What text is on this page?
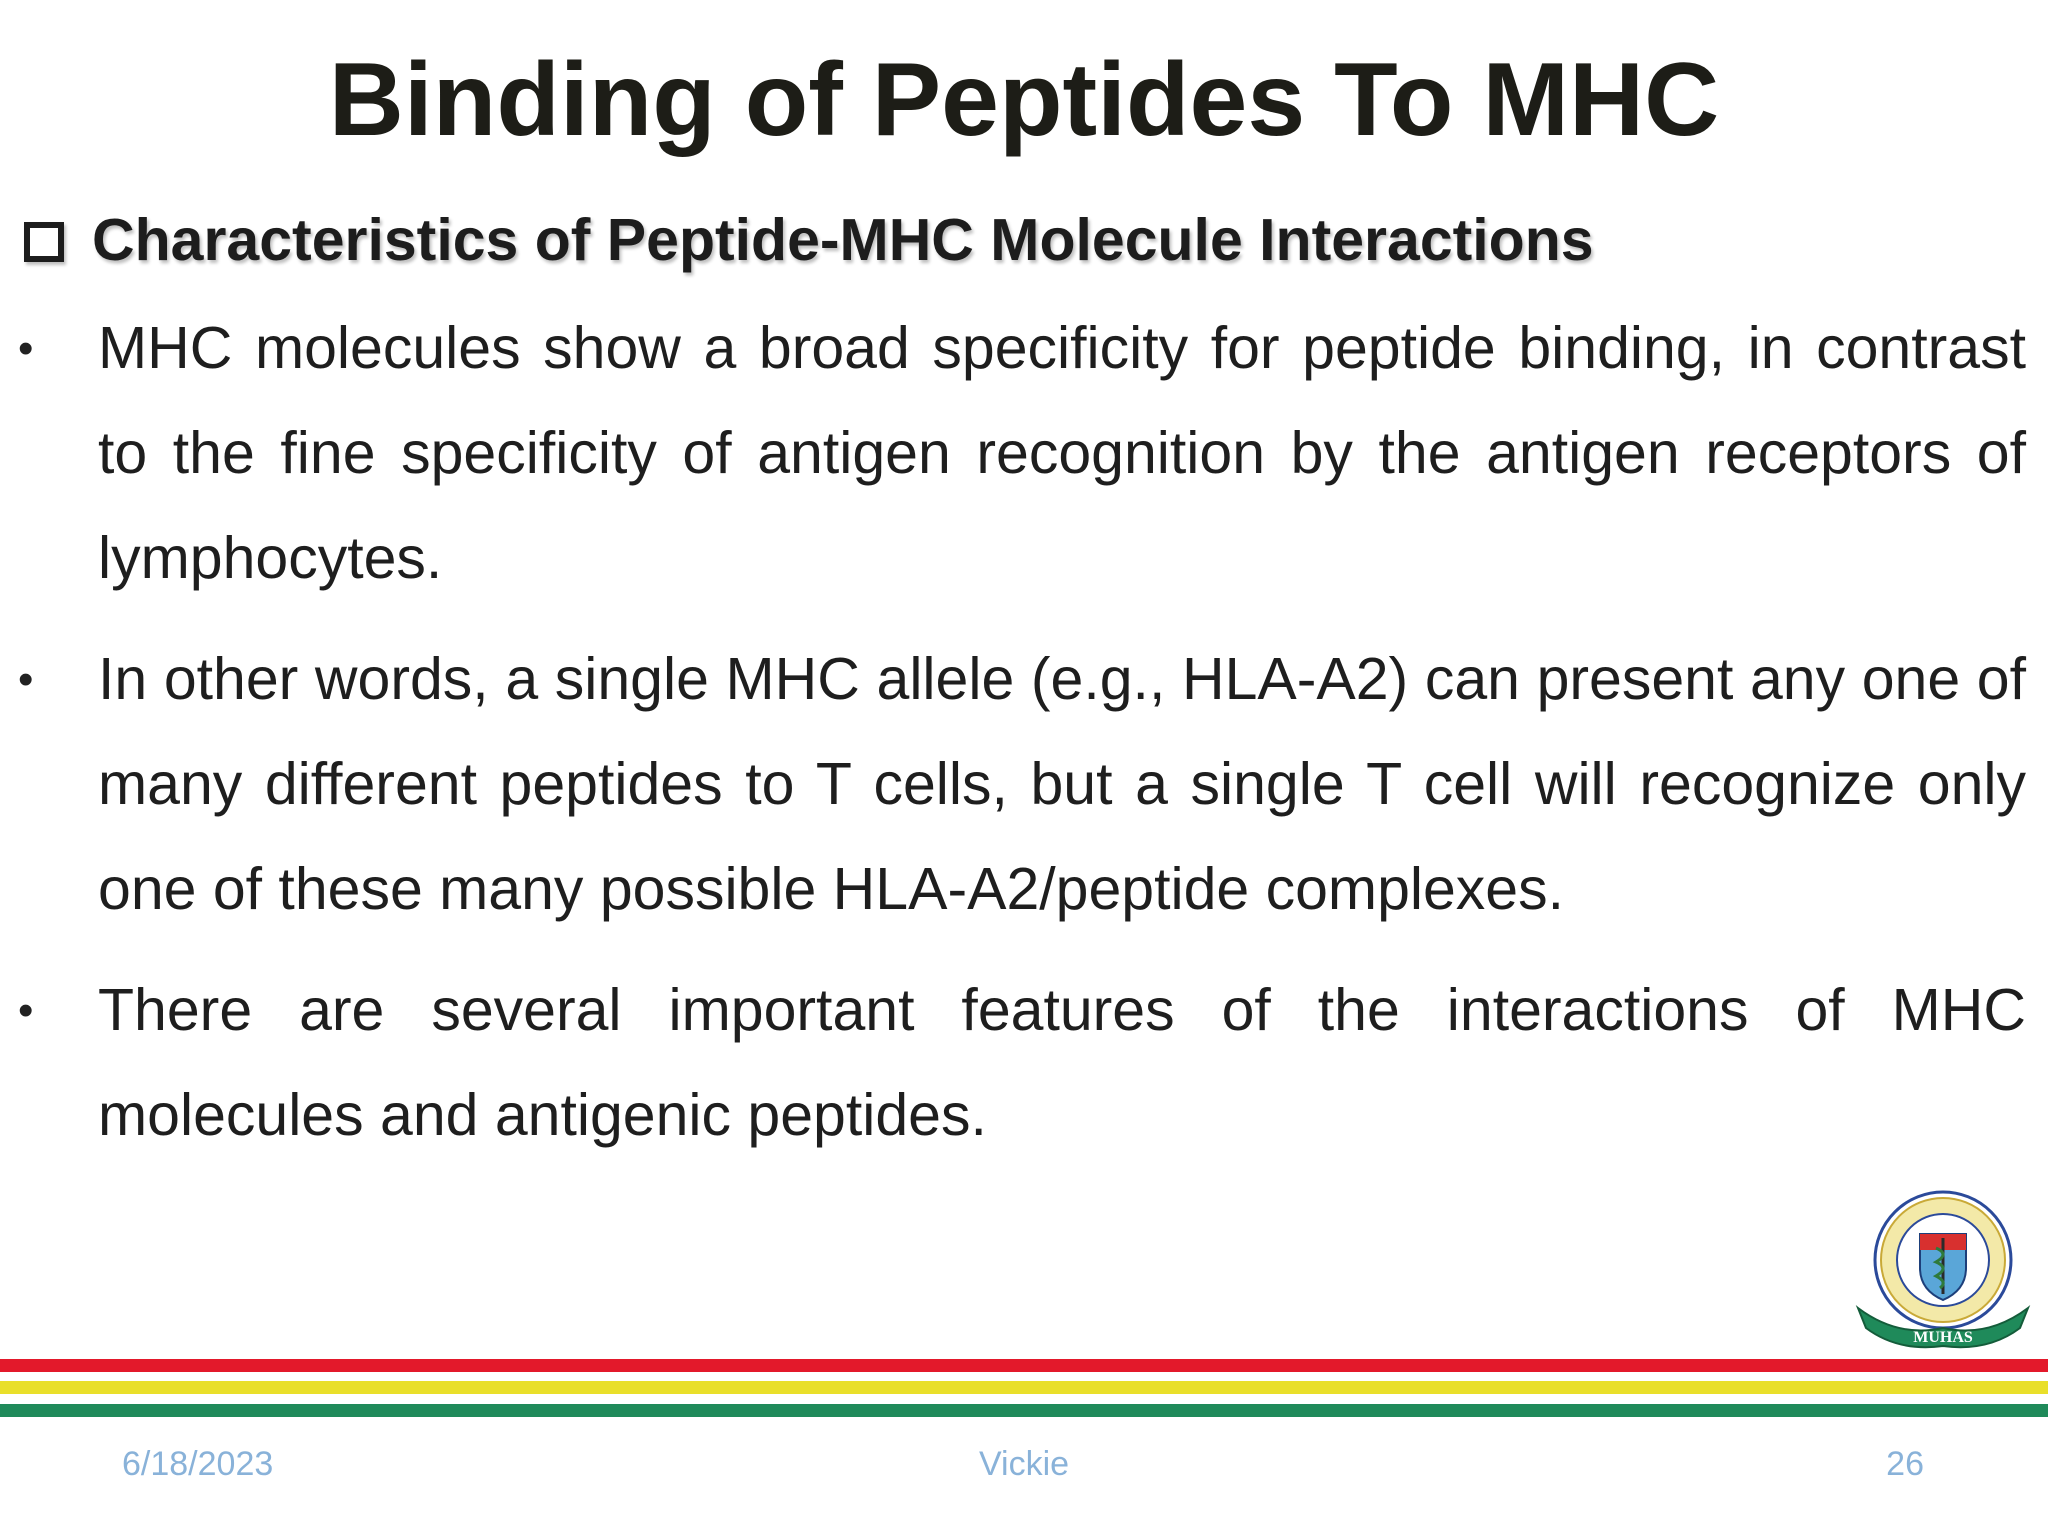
Binding of Peptides To MHC
Characteristics of Peptide-MHC Molecule Interactions
• MHC molecules show a broad specificity for peptide binding, in contrast to the fine specificity of antigen recognition by the antigen receptors of lymphocytes.
• In other words, a single MHC allele (e.g., HLA-A2) can present any one of many different peptides to T cells, but a single T cell will recognize only one of these many possible HLA-A2/peptide complexes.
• There are several important features of the interactions of MHC molecules and antigenic peptides.
MUHAS
6/18/2023	Vickie	26
